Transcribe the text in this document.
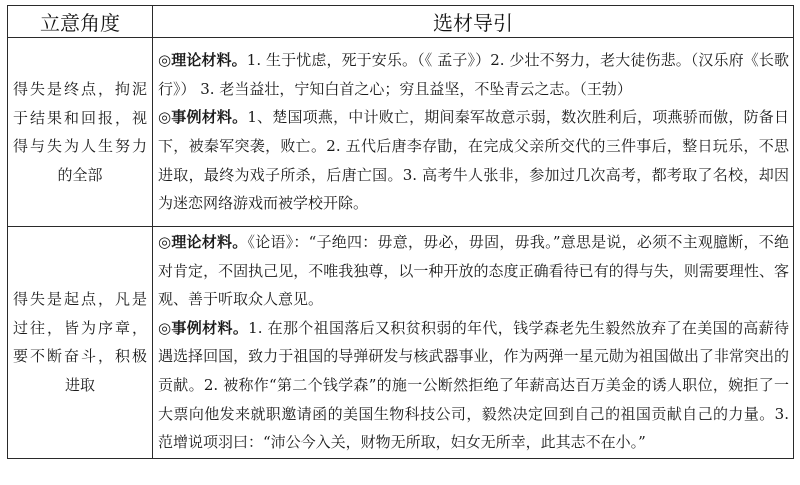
立意角度	选材导引
得失是终点，拘泥于结果和回报，视得与失为人生努力的全部	◎理论材料。1. 生于忧虑，死于安乐。（《 孟子》）2. 少壮不努力，老大徒伤悲。（汉乐府《长歌行》） 3. 老当益壮，宁知白首之心；穷且益坚，不坠青云之志。（王勃）

◎事例材料。1、楚国项燕，中计败亡，期间秦军故意示弱，数次胜利后，项燕骄而傲，防备日下，被秦军突袭，败亡。2. 五代后唐李存勖，在完成父亲所交代的三件事后，整日玩乐，不思进取，最终为戏子所杀，后唐亡国。3. 高考牛人张非，参加过几次高考，都考取了名校，却因为迷恋网络游戏而被学校开除。

得失是起点，凡是过往，皆为序章，要不断奋斗，积极进取	◎理论材料。《论语》：“子绝四：毋意，毋必，毋固，毋我。”意思是说，必须不主观臆断，不绝对肯定，不固执己见，不唯我独尊，以一种开放的态度正确看待已有的得与失，则需要理性、客观、善于听取众人意见。

◎事例材料。1. 在那个祖国落后又积贫积弱的年代，钱学森老先生毅然放弃了在美国的高薪待遇选择回国，致力于祖国的导弹研发与核武器事业，作为两弹一星元勋为祖国做出了非常突出的贡献。2. 被称作“第二个钱学森”的施一公断然拒绝了年薪高达百万美金的诱人职位，婉拒了一大票向他发来就职邀请函的美国生物科技公司，毅然决定回到自己的祖国贡献自己的力量。3. 范增说项羽曰：“沛公今入关，财物无所取，妇女无所幸，此其志不在小。”
